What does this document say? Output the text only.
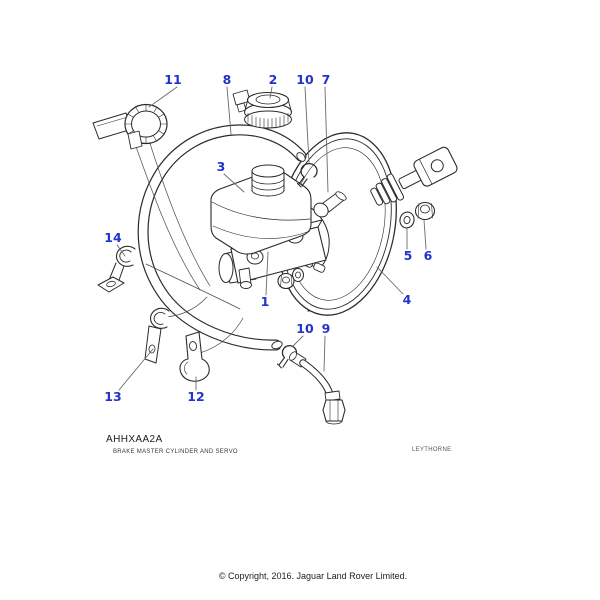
11	8	2 10 7
3
14
1
5 6
4
13	12
10 9
AHHXAA2A
BRAKE MASTER CYLINDER AND SERVO	LEYTHORNE
© Copyright, 2016. Jaguar Land Rover Limited.
